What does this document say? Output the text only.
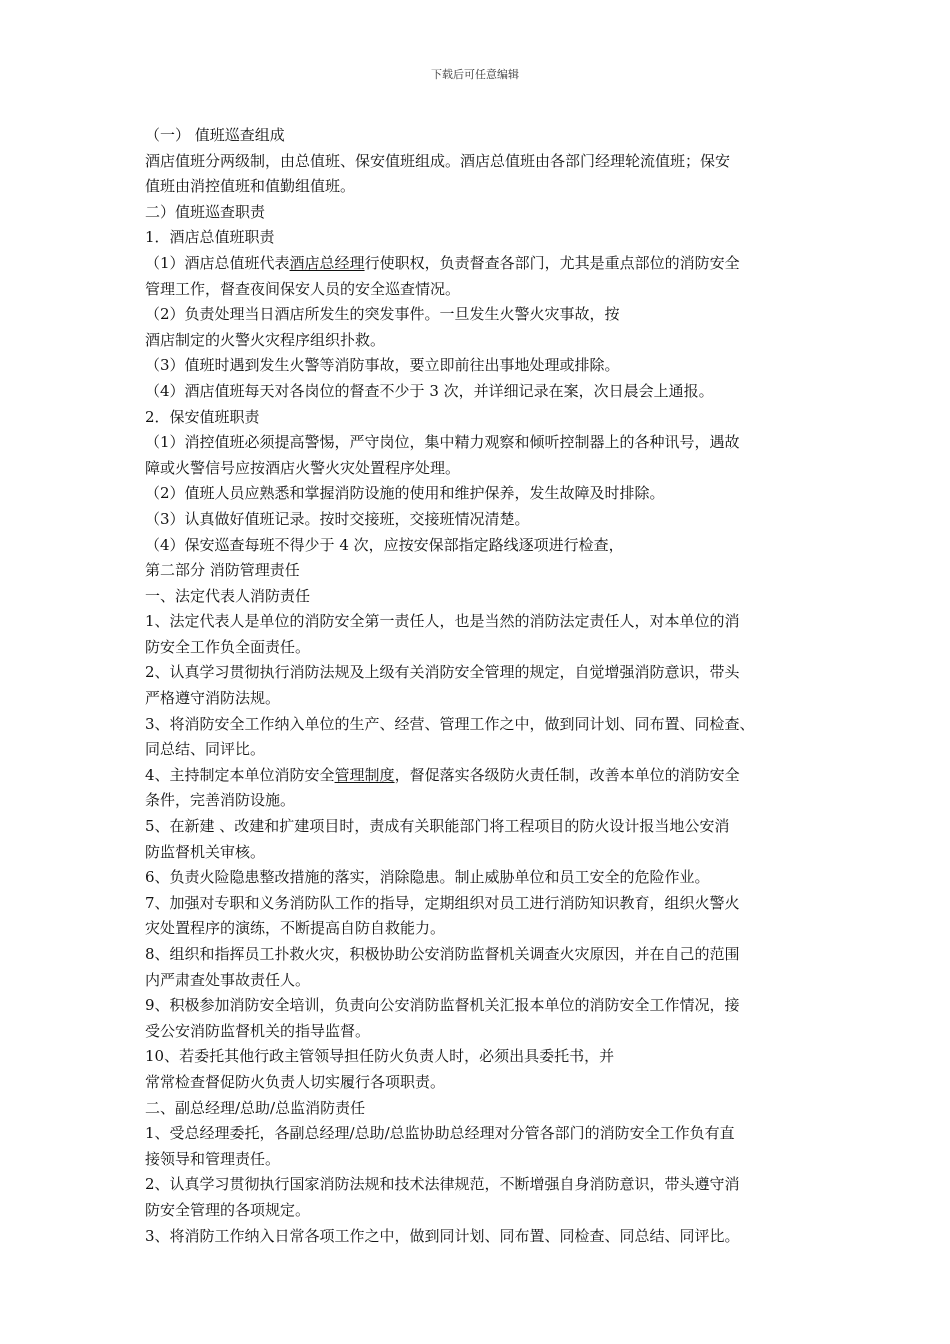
下载后可任意编辑
（一） 值班巡查组成
酒店值班分两级制，由总值班、保安值班组成。酒店总值班由各部门经理轮流值班；保安
值班由消控值班和值勤组值班。
二）值班巡查职责
1．酒店总值班职责
（1）酒店总值班代表酒店总经理行使职权，负责督查各部门，尤其是重点部位的消防安全
管理工作，督查夜间保安人员的安全巡查情况。
（2）负责处理当日酒店所发生的突发事件。一旦发生火警火灾事故，按
酒店制定的火警火灾程序组织扑救。
（3）值班时遇到发生火警等消防事故，要立即前往出事地处理或排除。
（4）酒店值班每天对各岗位的督查不少于 3 次，并详细记录在案，次日晨会上通报。
2．保安值班职责
（1）消控值班必须提高警惕，严守岗位，集中精力观察和倾听控制器上的各种讯号，遇故
障或火警信号应按酒店火警火灾处置程序处理。
（2）值班人员应熟悉和掌握消防设施的使用和维护保养，发生故障及时排除。
（3）认真做好值班记录。按时交接班，交接班情况清楚。
（4）保安巡查每班不得少于 4 次，应按安保部指定路线逐项进行检查，
第二部分 消防管理责任
一、法定代表人消防责任
1、法定代表人是单位的消防安全第一责任人，也是当然的消防法定责任人，对本单位的消
防安全工作负全面责任。
2、认真学习贯彻执行消防法规及上级有关消防安全管理的规定，自觉增强消防意识，带头
严格遵守消防法规。
3、将消防安全工作纳入单位的生产、经营、管理工作之中，做到同计划、同布置、同检查、
同总结、同评比。
4、主持制定本单位消防安全管理制度，督促落实各级防火责任制，改善本单位的消防安全
条件，完善消防设施。
5、在新建 、改建和扩建项目时，责成有关职能部门将工程项目的防火设计报当地公安消
防监督机关审核。
6、负责火险隐患整改措施的落实，消除隐患。制止威胁单位和员工安全的危险作业。
7、加强对专职和义务消防队工作的指导，定期组织对员工进行消防知识教育，组织火警火
灾处置程序的演练，不断提高自防自救能力。
8、组织和指挥员工扑救火灾，积极协助公安消防监督机关调查火灾原因，并在自己的范围
内严肃查处事故责任人。
9、积极参加消防安全培训，负责向公安消防监督机关汇报本单位的消防安全工作情况，接
受公安消防监督机关的指导监督。
10、若委托其他行政主管领导担任防火负责人时，必须出具委托书，并
常常检查督促防火负责人切实履行各项职责。
二、副总经理/总助/总监消防责任
1、受总经理委托，各副总经理/总助/总监协助总经理对分管各部门的消防安全工作负有直
接领导和管理责任。
2、认真学习贯彻执行国家消防法规和技术法律规范，不断增强自身消防意识，带头遵守消
防安全管理的各项规定。
3、将消防工作纳入日常各项工作之中，做到同计划、同布置、同检查、同总结、同评比。
